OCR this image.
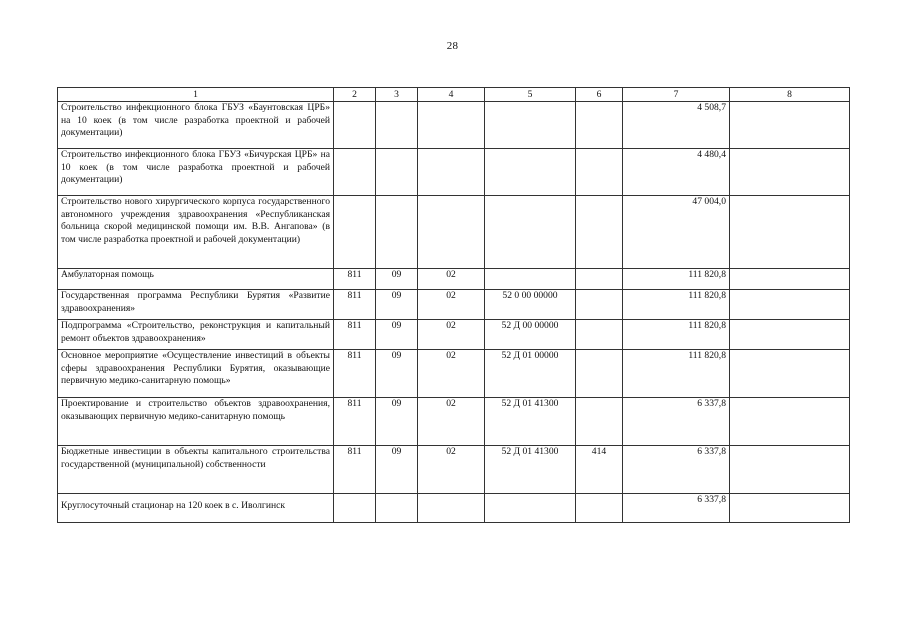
28
1	2	3	4	5	6	7	8
Строительство инфекционного блока ГБУЗ «Баунтовская ЦРБ» на 10 коек (в том числе разработка проектной и рабочей документации)						4 508,7	
Строительство инфекционного блока ГБУЗ «Бичурская ЦРБ» на 10 коек (в том числе разработка проектной и рабочей документации)						4 480,4	
Строительство нового хирургического корпуса государственного автономного учреждения здравоохранения «Республиканская больница скорой медицинской помощи им. В.В. Ангапова» (в том числе разработка проектной и рабочей документации)						47 004,0	
Амбулаторная помощь	811	09	02			111 820,8	
Государственная программа Республики Бурятия «Развитие здравоохранения»	811	09	02	52 0 00 00000		111 820,8	
Подпрограмма «Строительство, реконструкция и капитальный ремонт объектов здравоохранения»	811	09	02	52 Д 00 00000		111 820,8	
Основное мероприятие «Осуществление инвестиций в объекты сферы здравоохранения Республики Бурятия, оказывающие первичную медико-санитарную помощь»	811	09	02	52 Д 01 00000		111 820,8	
Проектирование и строительство объектов здравоохранения, оказывающих первичную медико-санитарную помощь	811	09	02	52 Д 01 41300		6 337,8	
Бюджетные инвестиции в объекты капитального строительства государственной (муниципальной) собственности	811	09	02	52 Д 01 41300	414	6 337,8	
Круглосуточный стационар на 120 коек в с. Иволгинск						6 337,8	
